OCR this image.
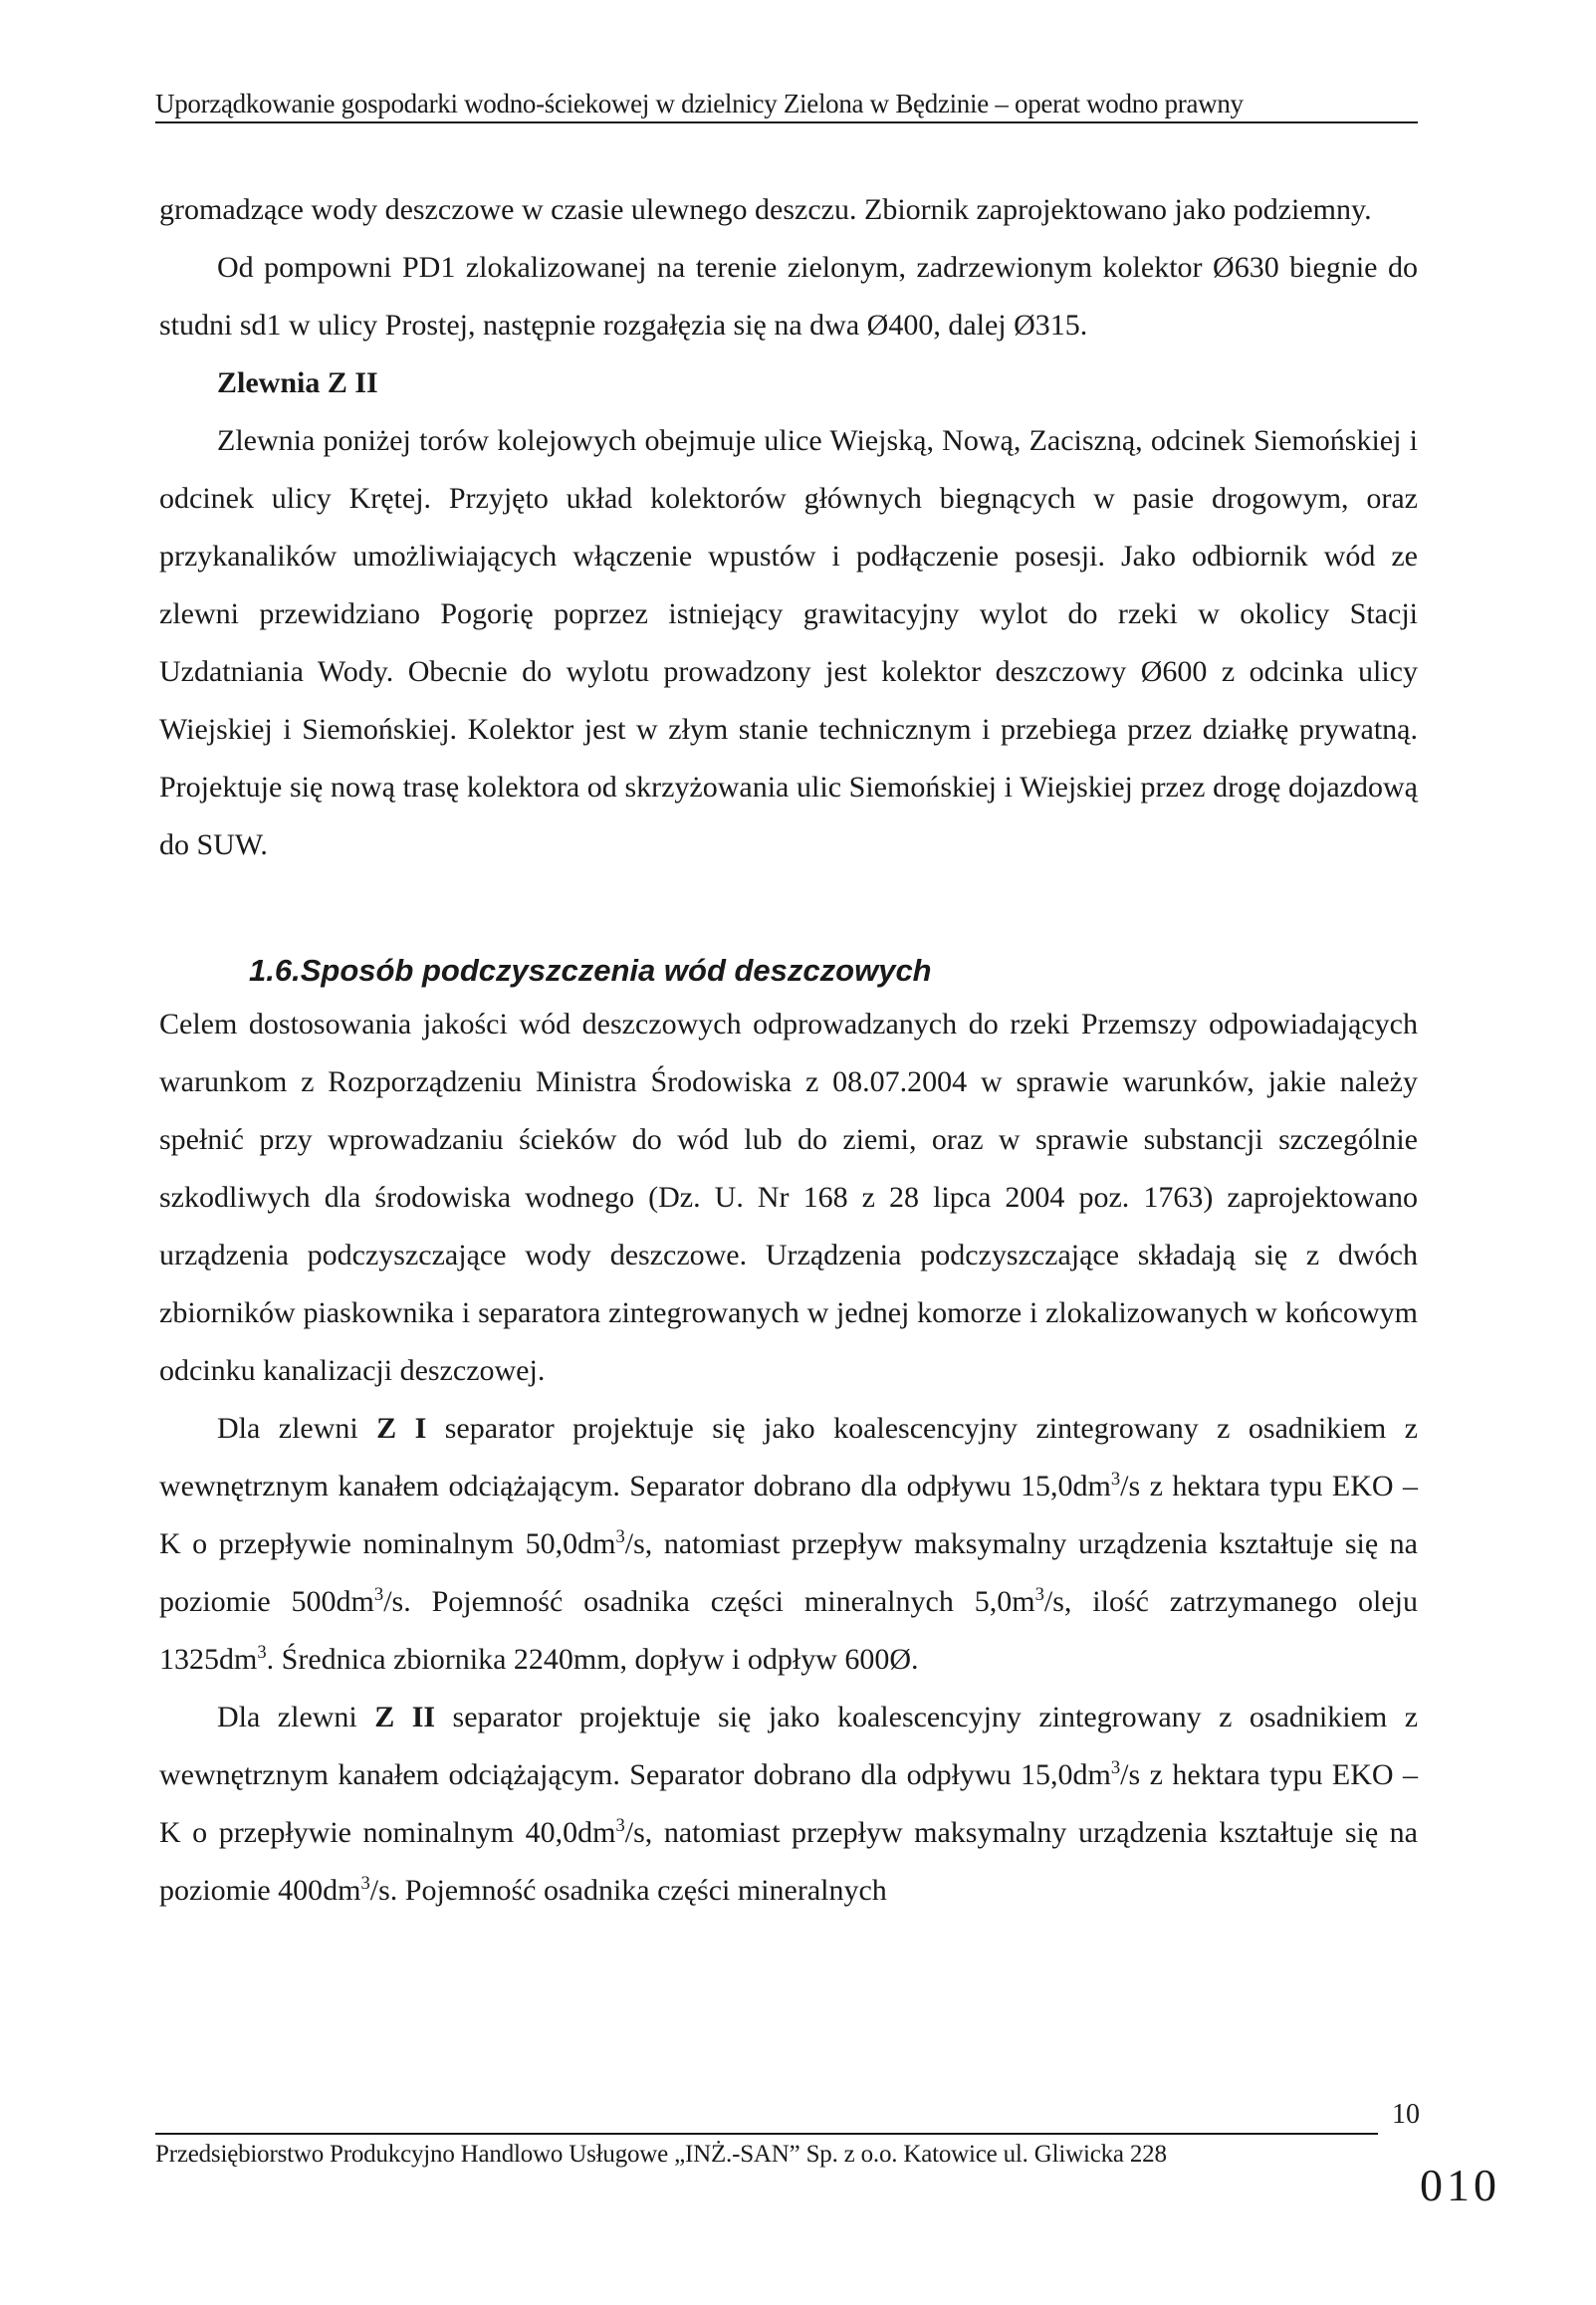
Uporządkowanie gospodarki wodno-ściekowej w dzielnicy Zielona w Będzinie – operat wodno prawny

gromadzące wody deszczowe w czasie ulewnego deszczu. Zbiornik zaprojektowano jako podziemny.

Od pompowni PD1 zlokalizowanej na terenie zielonym, zadrzewionym kolektor Ø630 biegnie do studni sd1 w ulicy Prostej, następnie rozgałęzia się na dwa Ø400, dalej Ø315.

Zlewnia Z II

Zlewnia poniżej torów kolejowych obejmuje ulice Wiejską, Nową, Zaciszną, odcinek Siemońskiej i odcinek ulicy Krętej. Przyjęto układ kolektorów głównych biegnących w pasie drogowym, oraz przykanalików umożliwiających włączenie wpustów i podłączenie posesji. Jako odbiornik wód ze zlewni przewidziano Pogorię poprzez istniejący grawitacyjny wylot do rzeki w okolicy Stacji Uzdatniania Wody. Obecnie do wylotu prowadzony jest kolektor deszczowy Ø600 z odcinka ulicy Wiejskiej i Siemońskiej. Kolektor jest w złym stanie technicznym i przebiega przez działkę prywatną. Projektuje się nową trasę kolektora od skrzyżowania ulic Siemońskiej i Wiejskiej przez drogę dojazdową do SUW.

1.6.Sposób podczyszczenia wód deszczowych

Celem dostosowania jakości wód deszczowych odprowadzanych do rzeki Przemszy odpowiadających warunkom z Rozporządzeniu Ministra Środowiska z 08.07.2004 w sprawie warunków, jakie należy spełnić przy wprowadzaniu ścieków do wód lub do ziemi, oraz w sprawie substancji szczególnie szkodliwych dla środowiska wodnego (Dz. U. Nr 168 z 28 lipca 2004 poz. 1763) zaprojektowano urządzenia podczyszczające wody deszczowe. Urządzenia podczyszczające składają się z dwóch zbiorników piaskownika i separatora zintegrowanych w jednej komorze i zlokalizowanych w końcowym odcinku kanalizacji deszczowej.

Dla zlewni Z I separator projektuje się jako koalescencyjny zintegrowany z osadnikiem z wewnętrznym kanałem odciążającym. Separator dobrano dla odpływu $15,0dm^3/s$ z hektara typu EKO – K o przepływie nominalnym $50,0dm^3/s$, natomiast przepływ maksymalny urządzenia kształtuje się na poziomie $500dm^3/s$. Pojemność osadnika części mineralnych $5,0m^3/s$, ilość zatrzymanego oleju $1325dm^3$. Średnica zbiornika 2240mm, dopływ i odpływ 600Ø.

Dla zlewni Z II separator projektuje się jako koalescencyjny zintegrowany z osadnikiem z wewnętrznym kanałem odciążającym. Separator dobrano dla odpływu $15,0dm^3/s$ z hektara typu EKO – K o przepływie nominalnym $40,0dm^3/s$, natomiast przepływ maksymalny urządzenia kształtuje się na poziomie $400dm^3/s$. Pojemność osadnika części mineralnych

10
Przedsiębiorstwo Produkcyjno Handlowo Usługowe „INŻ.-SAN” Sp. z o.o. Katowice ul. Gliwicka 228
010
